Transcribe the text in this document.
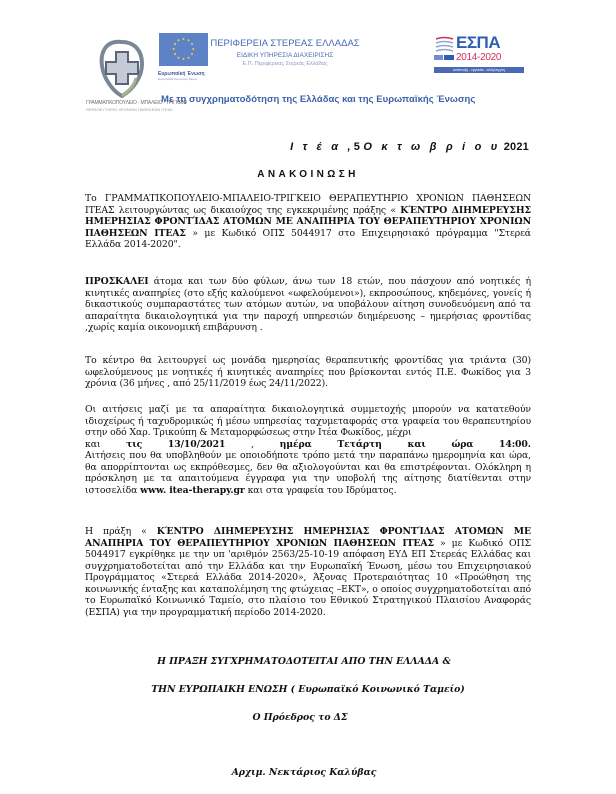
ΓΡΑΜΜΑΤΙΚΟΠΟΥΛΕΙΟ - ΜΠΑΛΕΙΟ - ΤΡΙΓΚΕΙΟ
ΘΕΡΑΠΕΥΤΗΡΙΟ ΧΡΟΝΙΩΝ ΠΑΘΗΣΕΩΝ ΙΤΕΑΣ
Ευρωπαϊκή Ένωση
Ευρωπαϊκό Κοινωνικό Ταμείο
ΠΕΡΙΦΕΡΕΙΑ ΣΤΕΡΕΑΣ ΕΛΛΑΔΑΣ
ΕΙΔΙΚΗ ΥΠΗΡΕΣΙΑ ΔΙΑΧΕΙΡΙΣΗΣ
Ε.Π. Περιφέρειας Στερεάς Ελλάδας
ΕΣΠΑ
2014-2020
ανάπτυξη - εργασία - αλληλεγγύη
Με τη συγχρηματοδότηση της Ελλάδας και της Ευρωπαϊκής Ένωσης
Ι τ έ α ,5 Ο κ τ ω β ρ ί ο υ 2021
ΑΝΑΚΟΙΝΩΣΗ
Το ΓΡΑΜΜΑΤΙΚΟΠΟΥΛΕΙΟ-ΜΠΑΛΕΙΟ-ΤΡΙΓΚΕΙΟ ΘΕΡΑΠΕΥΤΗΡΙΟ ΧΡΟΝΙΩΝ ΠΑΘΗΣΕΩΝ ΙΤΕΑΣ λειτουργώντας ως δικαιούχος της εγκεκριμένης πράξης « ΚΈΝΤΡΟ ΔΙΗΜΕΡΕΥΣΗΣ ΗΜΕΡΗΣΙΑΣ ΦΡΟΝΤΊΔΑΣ ΑΤΟΜΩΝ ΜΕ ΑΝΑΠΗΡΙΑ ΤΟΥ ΘΕΡΑΠΕΥΤΗΡΙΟΥ ΧΡΟΝΙΩΝ ΠΑΘΗΣΕΩΝ ΙΤΕΑΣ » με Κωδικό ΟΠΣ 5044917 στο Επιχειρησιακό πρόγραμμα "Στερεά Ελλάδα 2014-2020".
ΠΡΟΣΚΑΛΕΙ άτομα και των δύο φύλων, άνω των 18 ετών, που πάσχουν από νοητικές ή κινητικές αναπηρίες (στο εξής καλούμενοι «ωφελούμενοι»), εκπροσώπους, κηδεμόνες, γονείς ή δικαστικούς συμπαραστάτες των ατόμων αυτών, να υποβάλουν αίτηση συνοδευόμενη από τα απαραίτητα δικαιολογητικά για την παροχή υπηρεσιών διημέρευσης – ημερήσιας φροντίδας ,χωρίς καμία οικονομική επιβάρυνση .
Το κέντρο θα λειτουργεί ως μονάδα ημερησίας θεραπευτικής φροντίδας για τριάντα (30) ωφελούμενους με νοητικές ή κινητικές αναπηρίες που βρίσκονται εντός Π.Ε. Φωκίδος για 3 χρόνια (36 μήνες , από 25/11/2019 έως 24/11/2022).
Οι αιτήσεις μαζί με τα απαραίτητα δικαιολογητικά συμμετοχής μπορούν να κατατεθούν ιδιοχείρως ή ταχυδρομικώς ή μέσω υπηρεσίας ταχυμεταφοράς στα γραφεία του θεραπευτηρίου στην οδό Χαρ. Τρικούπη & Μεταμορφώσεως στην Ιτέα Φωκίδος, μέχρι
και	τις	13/10/2021	,	ημέρα	Τετάρτη	και	ώρα	14:00.
Αιτήσεις που θα υποβληθούν με οποιοδήποτε τρόπο μετά την παραπάνω ημερομηνία και ώρα, θα απορρίπτονται ως εκπρόθεσμες, δεν θα αξιολογούνται και θα επιστρέφονται. Ολόκληρη η πρόσκληση με τα απαιτούμενα έγγραφα για την υποβολή της αίτησης διατίθενται στην ιστοσελίδα www. itea-therapy.gr και στα γραφεία του Ιδρύματος.
Η πράξη « ΚΈΝΤΡΟ ΔΙΗΜΕΡΕΥΣΗΣ ΗΜΕΡΗΣΙΑΣ ΦΡΟΝΤΊΔΑΣ ΑΤΟΜΩΝ ΜΕ ΑΝΑΠΗΡΙΑ ΤΟΥ ΘΕΡΑΠΕΥΤΗΡΙΟΥ ΧΡΟΝΙΩΝ ΠΑΘΗΣΕΩΝ ΙΤΕΑΣ » με Κωδικό ΟΠΣ 5044917 εγκρίθηκε με την υπ 'αριθμόν 2563/25-10-19 απόφαση ΕΥΔ ΕΠ Στερεάς Ελλάδας και συγχρηματοδοτείται από την Ελλάδα και την Ευρωπαϊκή Ένωση, μέσω του Επιχειρησιακού Προγράμματος «Στερεά Ελλάδα 2014-2020», Άξονας Προτεραιότητας 10 «Προώθηση της κοινωνικής ένταξης και καταπολέμηση της φτώχειας –ΕΚΤ», ο οποίος συγχρηματοδοτείται από το Ευρωπαϊκό Κοινωνικό Ταμείο, στο πλαίσιο του Εθνικού Στρατηγικού Πλαισίου Αναφοράς (ΕΣΠΑ) για την προγραμματική περίοδο 2014-2020.
Η ΠΡΑΞΗ ΣΥΓΧΡΗΜΑΤΟΔΟΤΕΙΤΑΙ ΑΠΟ ΤΗΝ ΕΛΛΑΔΑ &
ΤΗΝ ΕΥΡΩΠΑΙΚΗ ΕΝΩΣΗ ( Ευρωπαϊκό Κοινωνικό Ταμείο)
Ο Πρόεδρος το ΔΣ
Αρχιμ. Νεκτάριος Καλύβας
